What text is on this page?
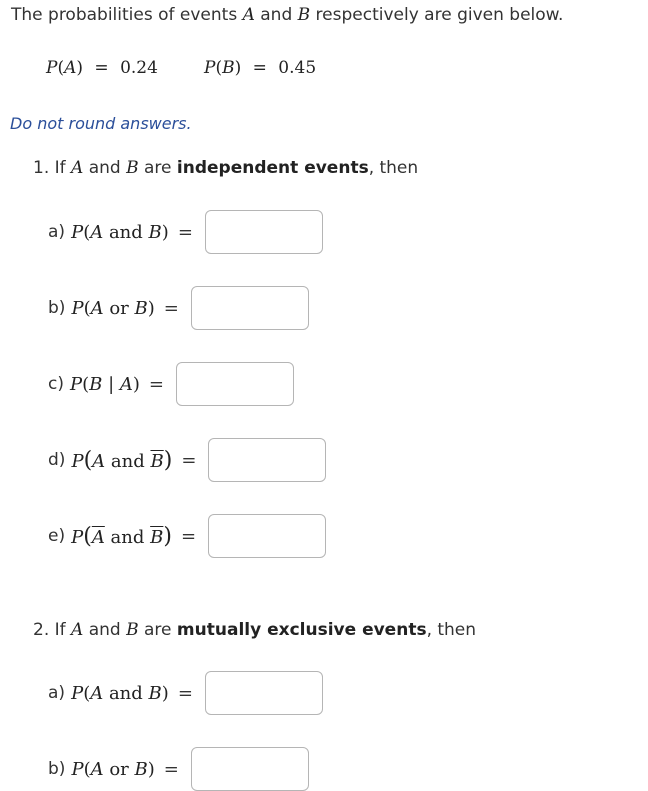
The probabilities of events A and B respectively are given below.
P(A) = 0.24	P(B) = 0.45
Do not round answers.
1. If A and B are independent events, then
a) P(A and B) =
b) P(A or B) =
c) P(B | A) =
d) P(A and $\overline{B}$) =
e) $P(\overline{A}$ and $\overline{B}$) =
2. If A and B are mutually exclusive events, then
a) P(A and B) =
b) P(A or B) =
